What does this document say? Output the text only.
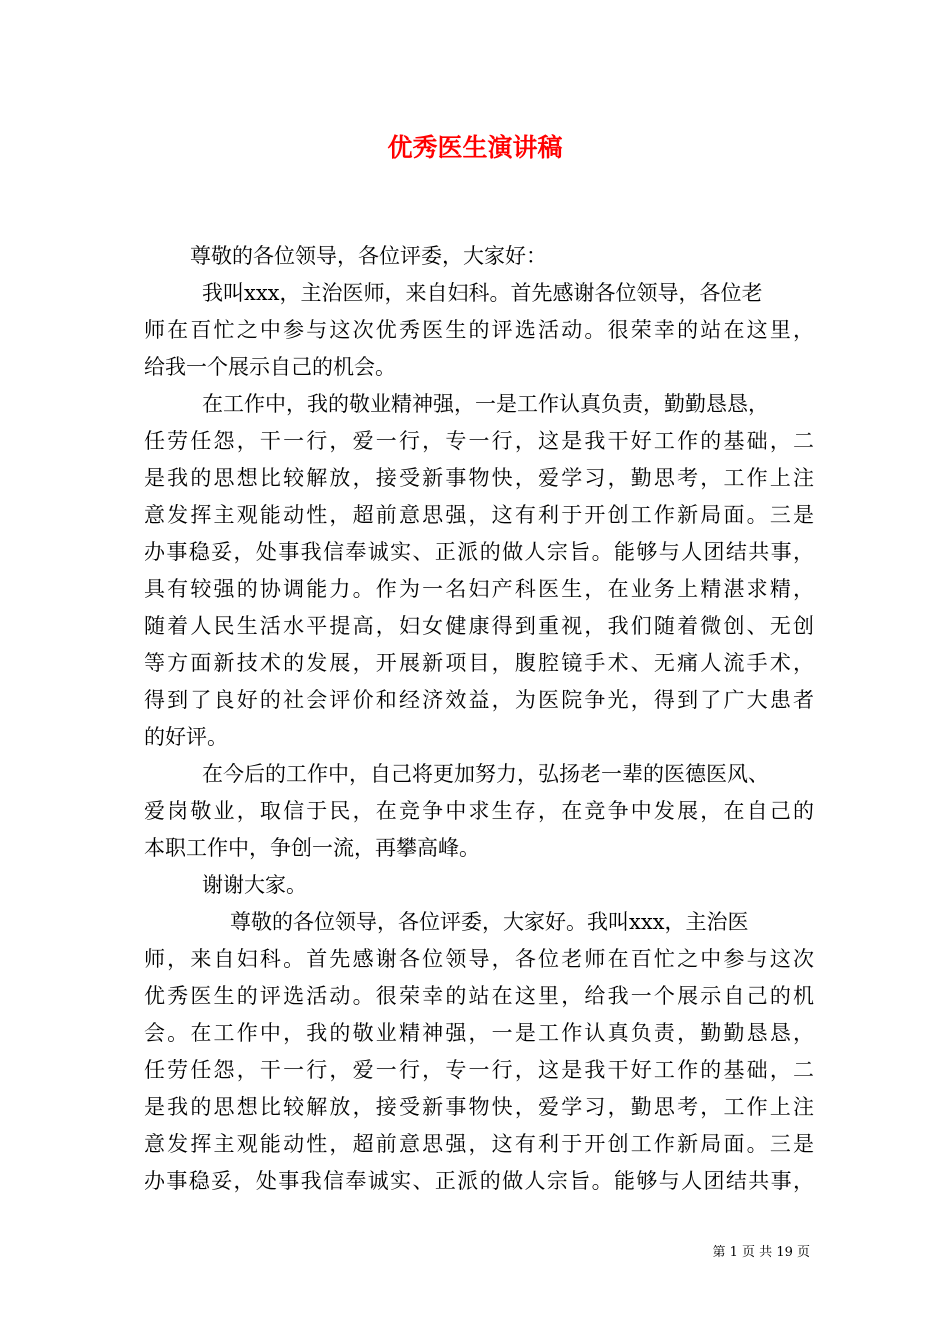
优秀医生演讲稿
尊敬的各位领导，各位评委，大家好：
我叫xxx，主治医师，来自妇科。首先感谢各位领导，各位老
师在百忙之中参与这次优秀医生的评选活动。很荣幸的站在这里，
给我一个展示自己的机会。
在工作中，我的敬业精神强，一是工作认真负责，勤勤恳恳，
任劳任怨，干一行，爱一行，专一行，这是我干好工作的基础，二
是我的思想比较解放，接受新事物快，爱学习，勤思考，工作上注
意发挥主观能动性，超前意思强，这有利于开创工作新局面。三是
办事稳妥，处事我信奉诚实、正派的做人宗旨。能够与人团结共事，
具有较强的协调能力。作为一名妇产科医生，在业务上精湛求精，
随着人民生活水平提高，妇女健康得到重视，我们随着微创、无创
等方面新技术的发展，开展新项目，腹腔镜手术、无痛人流手术，
得到了良好的社会评价和经济效益，为医院争光，得到了广大患者
的好评。
在今后的工作中，自己将更加努力，弘扬老一辈的医德医风、
爱岗敬业，取信于民，在竞争中求生存，在竞争中发展，在自己的
本职工作中，争创一流，再攀高峰。
谢谢大家。
尊敬的各位领导，各位评委，大家好。我叫xxx，主治医
师，来自妇科。首先感谢各位领导，各位老师在百忙之中参与这次
优秀医生的评选活动。很荣幸的站在这里，给我一个展示自己的机
会。在工作中，我的敬业精神强，一是工作认真负责，勤勤恳恳，
任劳任怨，干一行，爱一行，专一行，这是我干好工作的基础，二
是我的思想比较解放，接受新事物快，爱学习，勤思考，工作上注
意发挥主观能动性，超前意思强，这有利于开创工作新局面。三是
办事稳妥，处事我信奉诚实、正派的做人宗旨。能够与人团结共事，
第 1 页 共 19 页
